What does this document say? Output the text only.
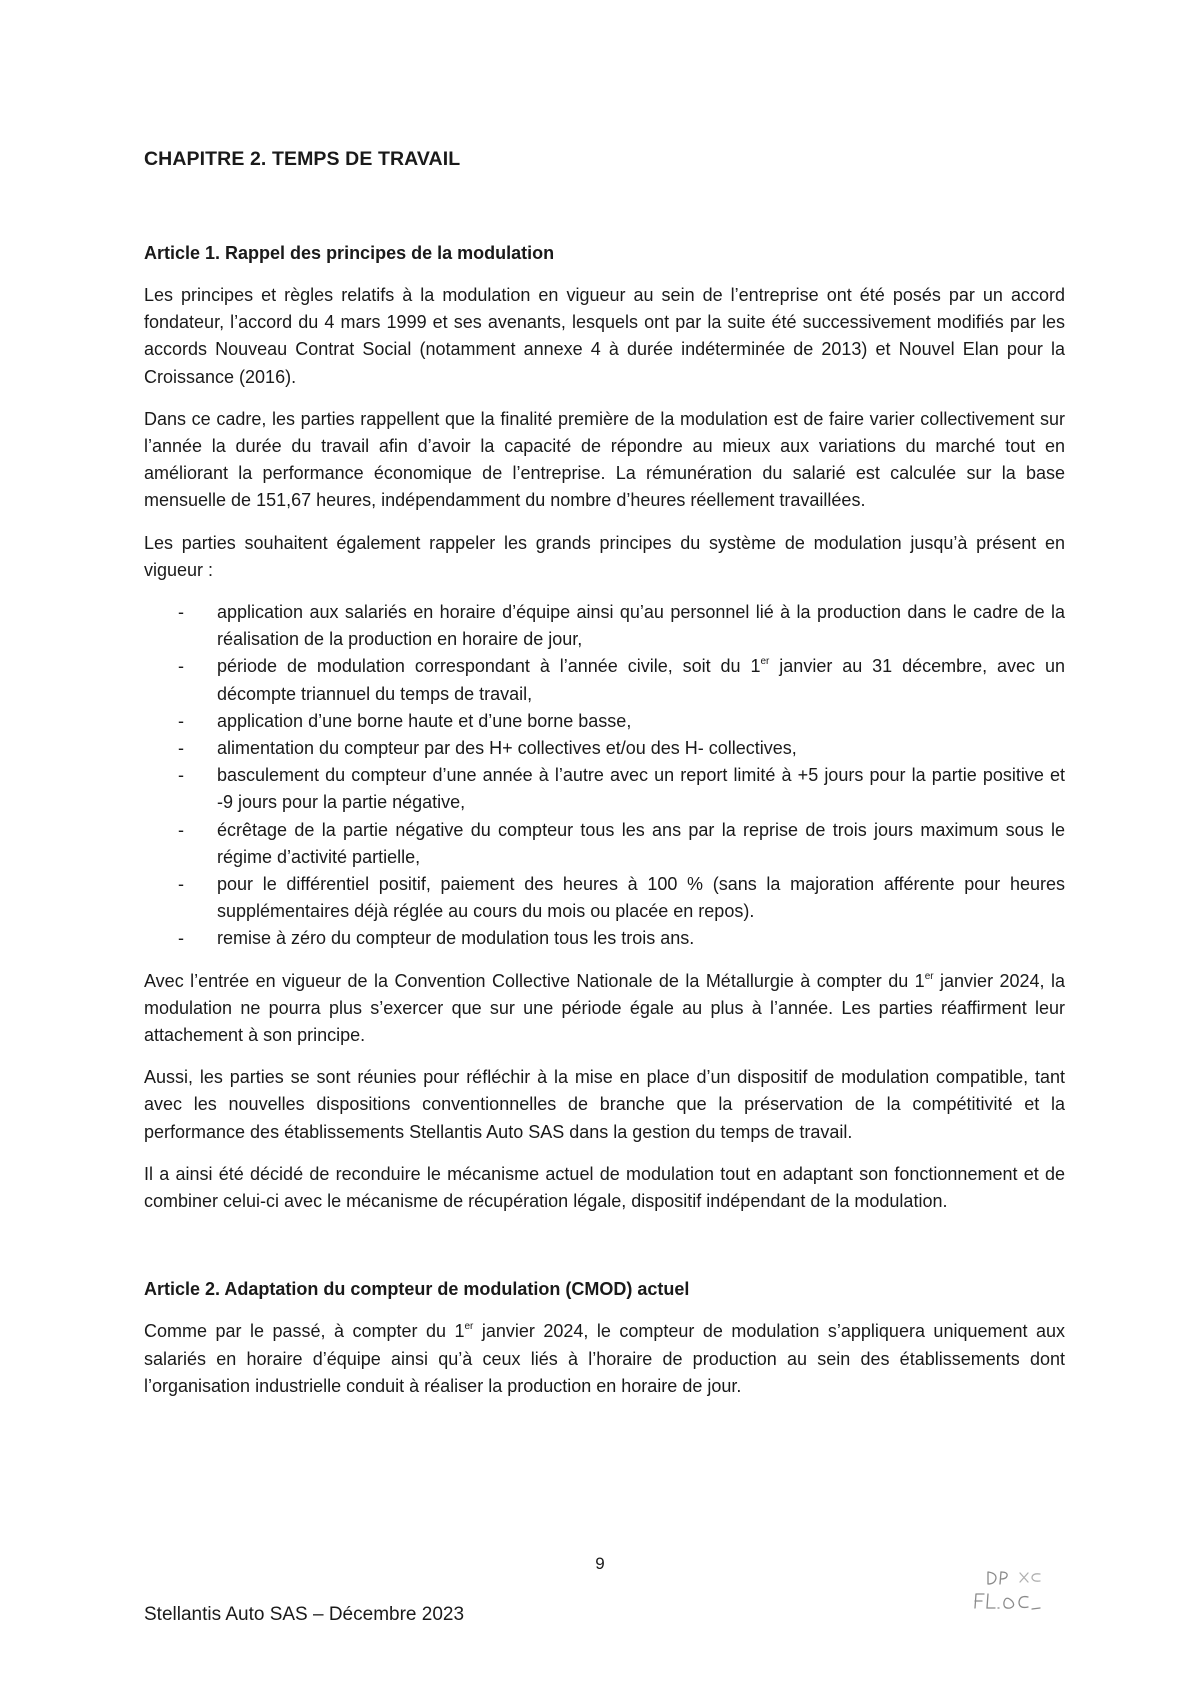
CHAPITRE 2. TEMPS DE TRAVAIL
Article 1. Rappel des principes de la modulation

Les principes et règles relatifs à la modulation en vigueur au sein de l’entreprise ont été posés par un accord fondateur, l’accord du 4 mars 1999 et ses avenants, lesquels ont par la suite été successivement modifiés par les accords Nouveau Contrat Social (notamment annexe 4 à durée indéterminée de 2013) et Nouvel Elan pour la Croissance (2016).

Dans ce cadre, les parties rappellent que la finalité première de la modulation est de faire varier collectivement sur l’année la durée du travail afin d’avoir la capacité de répondre au mieux aux variations du marché tout en améliorant la performance économique de l’entreprise. La rémunération du salarié est calculée sur la base mensuelle de 151,67 heures, indépendamment du nombre d’heures réellement travaillées.

Les parties souhaitent également rappeler les grands principes du système de modulation jusqu’à présent en vigueur :

- application aux salariés en horaire d’équipe ainsi qu’au personnel lié à la production dans le cadre de la réalisation de la production en horaire de jour,
- période de modulation correspondant à l’année civile, soit du 1er janvier au 31 décembre, avec un décompte triannuel du temps de travail,
- application d’une borne haute et d’une borne basse,
- alimentation du compteur par des H+ collectives et/ou des H- collectives,
- basculement du compteur d’une année à l’autre avec un report limité à +5 jours pour la partie positive et -9 jours pour la partie négative,
- écrêtage de la partie négative du compteur tous les ans par la reprise de trois jours maximum sous le régime d’activité partielle,
- pour le différentiel positif, paiement des heures à 100 % (sans la majoration afférente pour heures supplémentaires déjà réglée au cours du mois ou placée en repos).
- remise à zéro du compteur de modulation tous les trois ans.

Avec l’entrée en vigueur de la Convention Collective Nationale de la Métallurgie à compter du 1er janvier 2024, la modulation ne pourra plus s’exercer que sur une période égale au plus à l’année. Les parties réaffirment leur attachement à son principe.

Aussi, les parties se sont réunies pour réfléchir à la mise en place d’un dispositif de modulation compatible, tant avec les nouvelles dispositions conventionnelles de branche que la préservation de la compétitivité et la performance des établissements Stellantis Auto SAS dans la gestion du temps de travail.

Il a ainsi été décidé de reconduire le mécanisme actuel de modulation tout en adaptant son fonctionnement et de combiner celui-ci avec le mécanisme de récupération légale, dispositif indépendant de la modulation.

Article 2. Adaptation du compteur de modulation (CMOD) actuel

Comme par le passé, à compter du 1er janvier 2024, le compteur de modulation s’appliquera uniquement aux salariés en horaire d’équipe ainsi qu’à ceux liés à l’horaire de production au sein des établissements dont l’organisation industrielle conduit à réaliser la production en horaire de jour.

9
Stellantis Auto SAS – Décembre 2023
